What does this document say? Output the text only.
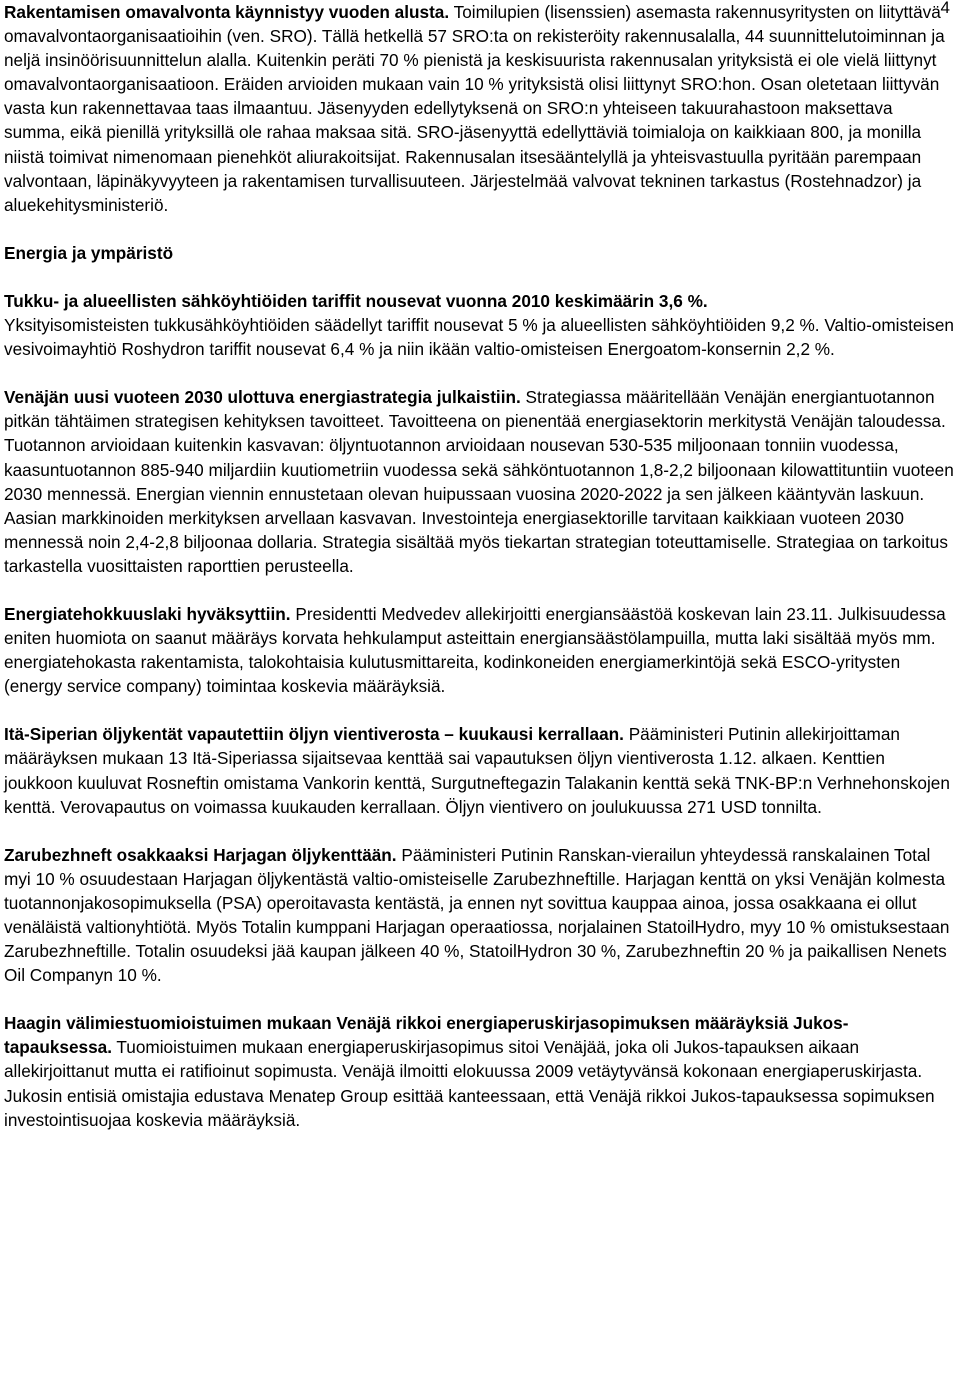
4

Rakentamisen omavalvonta käynnistyy vuoden alusta. Toimilupien (lisenssien) asemasta rakennusyritysten on liityttävä omavalvontaorganisaatioihin (ven. SRO). Tällä hetkellä 57 SRO:ta on rekisteröity rakennusalalla, 44 suunnittelutoiminnan ja neljä insinöörisuunnittelun alalla. Kuitenkin peräti 70 % pienistä ja keskisuurista rakennusalan yrityksistä ei ole vielä liittynyt omavalvontaorganisaatioon. Eräiden arvioiden mukaan vain 10 % yrityksistä olisi liittynyt SRO:hon. Osan oletetaan liittyvän vasta kun rakennettavaa taas ilmaantuu. Jäsenyyden edellytyksenä on SRO:n yhteiseen takuurahastoon maksettava summa, eikä pienillä yrityksillä ole rahaa maksaa sitä. SRO-jäsenyyttä edellyttäviä toimialoja on kaikkiaan 800, ja monilla niistä toimivat nimenomaan pienehköt aliurakoitsijat. Rakennusalan itsesääntelyllä ja yhteisvastuulla pyritään parempaan valvontaan, läpinäkyvyyteen ja rakentamisen turvallisuuteen. Järjestelmää valvovat tekninen tarkastus (Rostehnadzor) ja aluekehitysministeriö.

Energia ja ympäristö

Tukku- ja alueellisten sähköyhtiöiden tariffit nousevat vuonna 2010 keskimäärin 3,6 %.

Yksityisomisteisten tukkusähköyhtiöiden säädellyt tariffit nousevat 5 % ja alueellisten sähköyhtiöiden 9,2 %. Valtio-omisteisen vesivoimayhtiö Roshydron tariffit nousevat 6,4 % ja niin ikään valtio-omisteisen Energoatom-konsernin 2,2 %.

Venäjän uusi vuoteen 2030 ulottuva energiastrategia julkaistiin. Strategiassa määritellään Venäjän energiantuotannon pitkän tähtäimen strategisen kehityksen tavoitteet. Tavoitteena on pienentää energiasektorin merkitystä Venäjän taloudessa. Tuotannon arvioidaan kuitenkin kasvavan: öljyntuotannon arvioidaan nousevan 530-535 miljoonaan tonniin vuodessa, kaasuntuotannon 885-940 miljardiin kuutiometriin vuodessa sekä sähköntuotannon 1,8-2,2 biljoonaan kilowattituntiin vuoteen 2030 mennessä. Energian viennin ennustetaan olevan huipussaan vuosina 2020-2022 ja sen jälkeen kääntyvän laskuun. Aasian markkinoiden merkityksen arvellaan kasvavan. Investointeja energiasektorille tarvitaan kaikkiaan vuoteen 2030 mennessä noin 2,4-2,8 biljoonaa dollaria. Strategia sisältää myös tiekartan strategian toteuttamiselle. Strategiaa on tarkoitus tarkastella vuosittaisten raporttien perusteella.

Energiatehokkuuslaki hyväksyttiin. Presidentti Medvedev allekirjoitti energiansäästöä koskevan lain 23.11. Julkisuudessa eniten huomiota on saanut määräys korvata hehkulamput asteittain energiansäästölampuilla, mutta laki sisältää myös mm. energiatehokasta rakentamista, talokohtaisia kulutusmittareita, kodinkoneiden energiamerkintöjä sekä ESCO-yritysten (energy service company) toimintaa koskevia määräyksiä.

Itä-Siperian öljykentät vapautettiin öljyn vientiverosta – kuukausi kerrallaan. Pääministeri Putinin allekirjoittaman määräyksen mukaan 13 Itä-Siperiassa sijaitsevaa kenttää sai vapautuksen öljyn vientiverosta 1.12. alkaen. Kenttien joukkoon kuuluvat Rosneftin omistama Vankorin kenttä, Surgutneftegazin Talakanin kenttä sekä TNK-BP:n Verhnehonskojen kenttä. Verovapautus on voimassa kuukauden kerrallaan. Öljyn vientivero on joulukuussa 271 USD tonnilta.

Zarubezhneft osakkaaksi Harjagan öljykenttään. Pääministeri Putinin Ranskan-vierailun yhteydessä ranskalainen Total myi 10 % osuudestaan Harjagan öljykentästä valtio-omisteiselle Zarubezhneftille. Harjagan kenttä on yksi Venäjän kolmesta tuotannonjakosopimuksella (PSA) operoitavasta kentästä, ja ennen nyt sovittua kauppaa ainoa, jossa osakkaana ei ollut venäläistä valtionyhtiötä. Myös Totalin kumppani Harjagan operaatiossa, norjalainen StatoilHydro, myy 10 % omistuksestaan Zarubezhneftille. Totalin osuudeksi jää kaupan jälkeen 40 %, StatoilHydron 30 %, Zarubezhneftin 20 % ja paikallisen Nenets Oil Companyn 10 %.

Haagin välimiestuomioistuimen mukaan Venäjä rikkoi energiaperuskirjasopimuksen määräyksiä Jukos-tapauksessa. Tuomioistuimen mukaan energiaperuskirjasopimus sitoi Venäjää, joka oli Jukos-tapauksen aikaan allekirjoittanut mutta ei ratifioinut sopimusta. Venäjä ilmoitti elokuussa 2009 vetäytyvänsä kokonaan energiaperuskirjasta. Jukosin entisiä omistajia edustava Menatep Group esittää kanteessaan, että Venäjä rikkoi Jukos-tapauksessa sopimuksen investointisuojaa koskevia määräyksiä.
